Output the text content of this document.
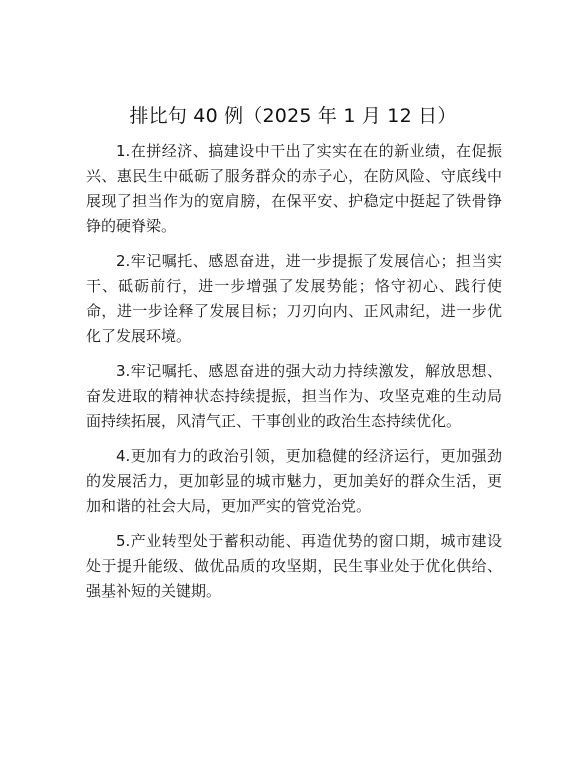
排比句 40 例（2025 年 1 月 12 日）

1.在拼经济、搞建设中干出了实实在在的新业绩，在促振兴、惠民生中砥砺了服务群众的赤子心，在防风险、守底线中展现了担当作为的宽肩膀，在保平安、护稳定中挺起了铁骨铮铮的硬脊梁。

2.牢记嘱托、感恩奋进，进一步提振了发展信心；担当实干、砥砺前行，进一步增强了发展势能；恪守初心、践行使命，进一步诠释了发展目标；刀刃向内、正风肃纪，进一步优化了发展环境。

3.牢记嘱托、感恩奋进的强大动力持续激发，解放思想、奋发进取的精神状态持续提振，担当作为、攻坚克难的生动局面持续拓展，风清气正、干事创业的政治生态持续优化。

4.更加有力的政治引领，更加稳健的经济运行，更加强劲的发展活力，更加彰显的城市魅力，更加美好的群众生活，更加和谐的社会大局，更加严实的管党治党。

5.产业转型处于蓄积动能、再造优势的窗口期，城市建设处于提升能级、做优品质的攻坚期，民生事业处于优化供给、强基补短的关键期。
